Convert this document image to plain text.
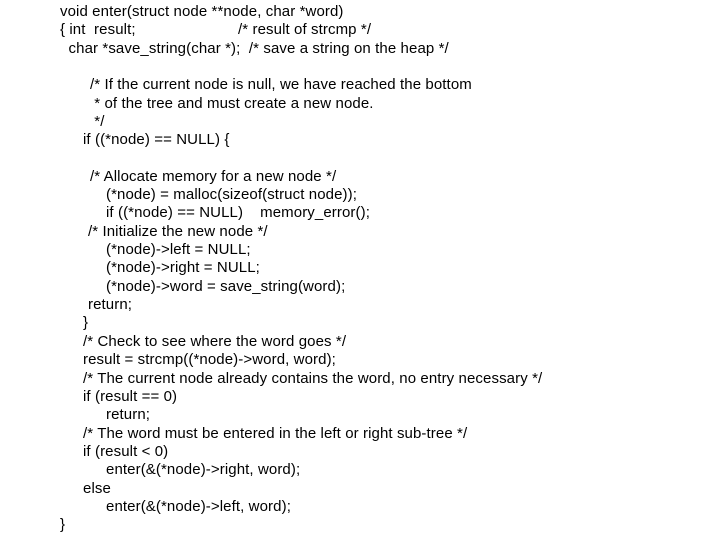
void enter(struct node **node, char *word)
{ int  result;                        /* result of strcmp */
char *save_string(char *);  /* save a string on the heap */
/* If the current node is null, we have reached the bottom
* of the tree and must create a new node.
*/
if ((*node) == NULL) {
/* Allocate memory for a new node */
(*node) = malloc(sizeof(struct node));
if ((*node) == NULL)    memory_error();
/* Initialize the new node */
(*node)->left = NULL;
(*node)->right = NULL;
(*node)->word = save_string(word);
return;
}
/* Check to see where the word goes */
result = strcmp((*node)->word, word);
/* The current node already contains the word, no entry necessary */
if (result == 0)
return;
/* The word must be entered in the left or right sub-tree */
if (result < 0)
enter(&(*node)->right, word);
else
enter(&(*node)->left, word);
}
